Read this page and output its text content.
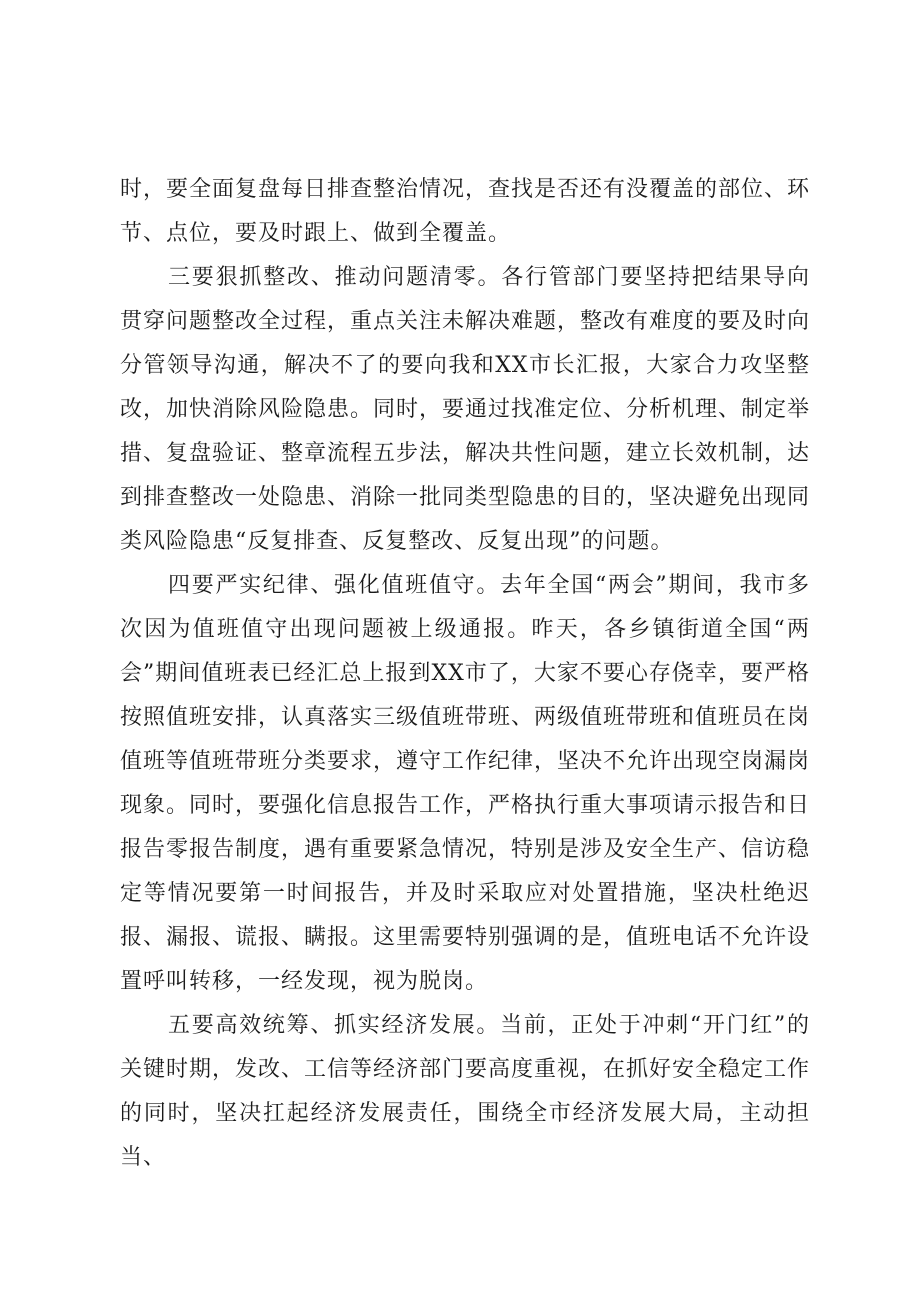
时，要全面复盘每日排查整治情况，查找是否还有没覆盖的部位、环节、点位，要及时跟上、做到全覆盖。

三要狠抓整改、推动问题清零。各行管部门要坚持把结果导向贯穿问题整改全过程，重点关注未解决难题，整改有难度的要及时向分管领导沟通，解决不了的要向我和XX市长汇报，大家合力攻坚整改，加快消除风险隐患。同时，要通过找准定位、分析机理、制定举措、复盘验证、整章流程五步法，解决共性问题，建立长效机制，达到排查整改一处隐患、消除一批同类型隐患的目的，坚决避免出现同类风险隐患“反复排查、反复整改、反复出现”的问题。

四要严实纪律、强化值班值守。去年全国“两会”期间，我市多次因为值班值守出现问题被上级通报。昨天，各乡镇街道全国“两会”期间值班表已经汇总上报到XX市了，大家不要心存侥幸，要严格按照值班安排，认真落实三级值班带班、两级值班带班和值班员在岗值班等值班带班分类要求，遵守工作纪律，坚决不允许出现空岗漏岗现象。同时，要强化信息报告工作，严格执行重大事项请示报告和日报告零报告制度，遇有重要紧急情况，特别是涉及安全生产、信访稳定等情况要第一时间报告，并及时采取应对处置措施，坚决杜绝迟报、漏报、谎报、瞒报。这里需要特别强调的是，值班电话不允许设置呼叫转移，一经发现，视为脱岗。

五要高效统筹、抓实经济发展。当前，正处于冲刺“开门红”的关键时期，发改、工信等经济部门要高度重视，在抓好安全稳定工作的同时，坚决扛起经济发展责任，围绕全市经济发展大局，主动担当、
